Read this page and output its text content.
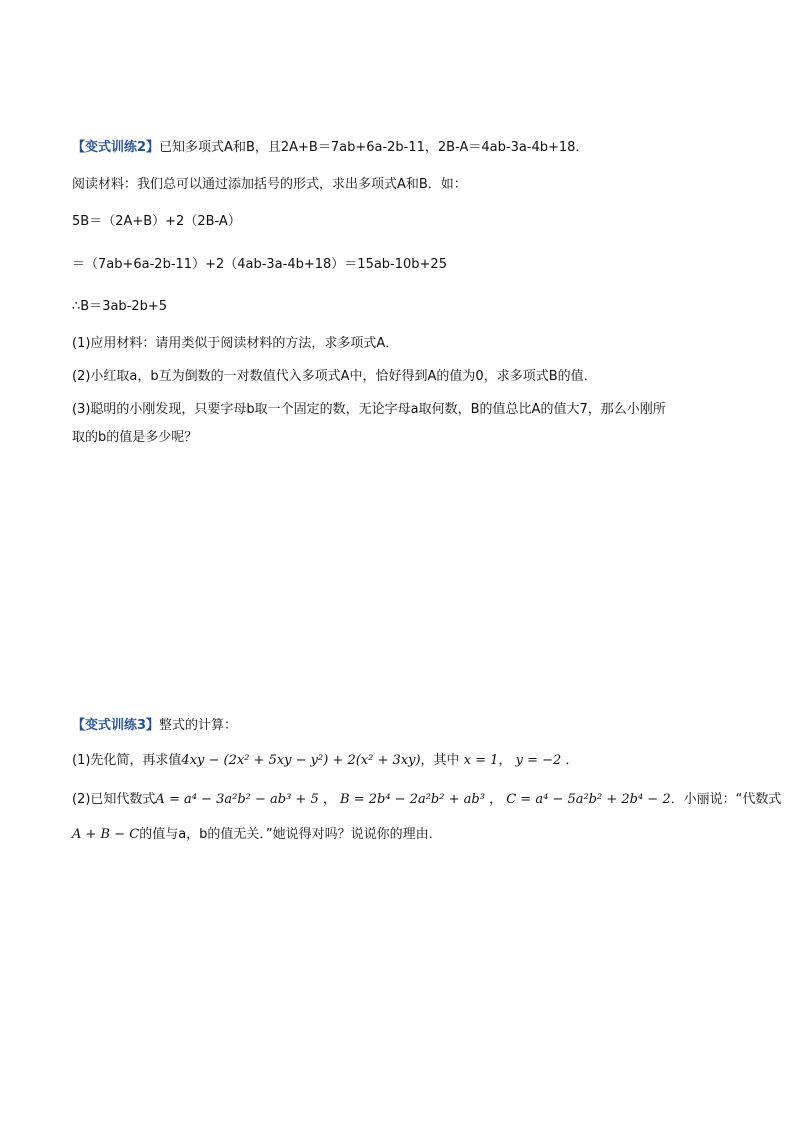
【变式训练2】已知多项式A和B，且2A+B＝7ab+6a-2b-11，2B-A＝4ab-3a-4b+18．
阅读材料：我们总可以通过添加括号的形式，求出多项式A和B．如：
5B＝（2A+B）+2（2B-A）
＝（7ab+6a-2b-11）+2（4ab-3a-4b+18）＝15ab-10b+25
∴B＝3ab-2b+5
(1)应用材料：请用类似于阅读材料的方法，求多项式A．
(2)小红取a，b互为倒数的一对数值代入多项式A中，恰好得到A的值为0，求多项式B的值．
(3)聪明的小刚发现，只要字母b取一个固定的数，无论字母a取何数，B的值总比A的值大7，那么小刚所
取的b的值是多少呢？
【变式训练3】整式的计算：
(1)先化简，再求值4xy − (2x² + 5xy − y²) + 2(x² + 3xy)，其中 x = 1， y = −2 ．
(2)已知代数式A = a⁴ − 3a²b² − ab³ + 5 ， B = 2b⁴ − 2a²b² + ab³ ， C = a⁴ − 5a²b² + 2b⁴ − 2．小丽说：“代数式
A + B − C的值与a，b的值无关．”她说得对吗？说说你的理由．
